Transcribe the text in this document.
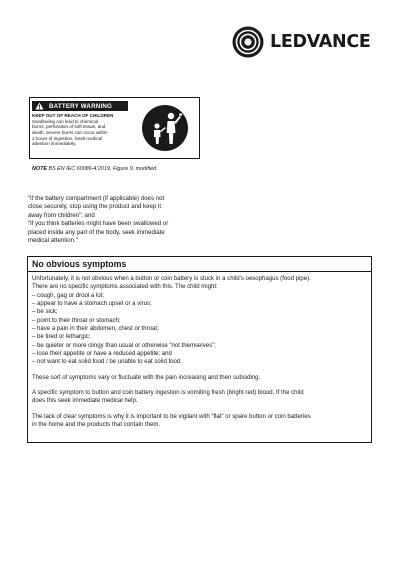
LEDVANCE
BATTERY WARNING
KEEP OUT OF REACH OF CHILDREN
Swallowing can lead to chemical
burns, perforation of soft tissue, and
death. Severe burns can occur within
2 hours of ingestion. Seek medical
attention immediately.
NOTE BS EN IEC 60086-4:2019, Figure 9, modified.
“If the battery compartment (if applicable) does not
close securely, stop using the product and keep it
away from children”; and
“If you think batteries might have been swallowed or
placed inside any part of the body, seek immediate
medical attention.”
No obvious symptoms
Unfortunately, it is not obvious when a button or coin battery is stuck in a child’s oesophagus (food pipe).
There are no specific symptoms associated with this. The child might:
– cough, gag or drool a lot;
– appear to have a stomach upset or a virus;
– be sick;
– point to their throat or stomach;
– have a pain in their abdomen, chest or throat;
– be tired or lethargic;
– be quieter or more clingy than usual or otherwise “not themselves”;
– lose their appetite or have a reduced appetite; and
– not want to eat solid food / be unable to eat solid food.

These sort of symptoms vary or fluctuate with the pain increasing and then subsiding.

A specific symptom to button and coin battery ingestion is vomiting fresh (bright red) blood. If the child
does this seek immediate medical help.

The lack of clear symptoms is why it is important to be vigilant with “flat” or spare button or coin batteries
in the home and the products that contain them.
